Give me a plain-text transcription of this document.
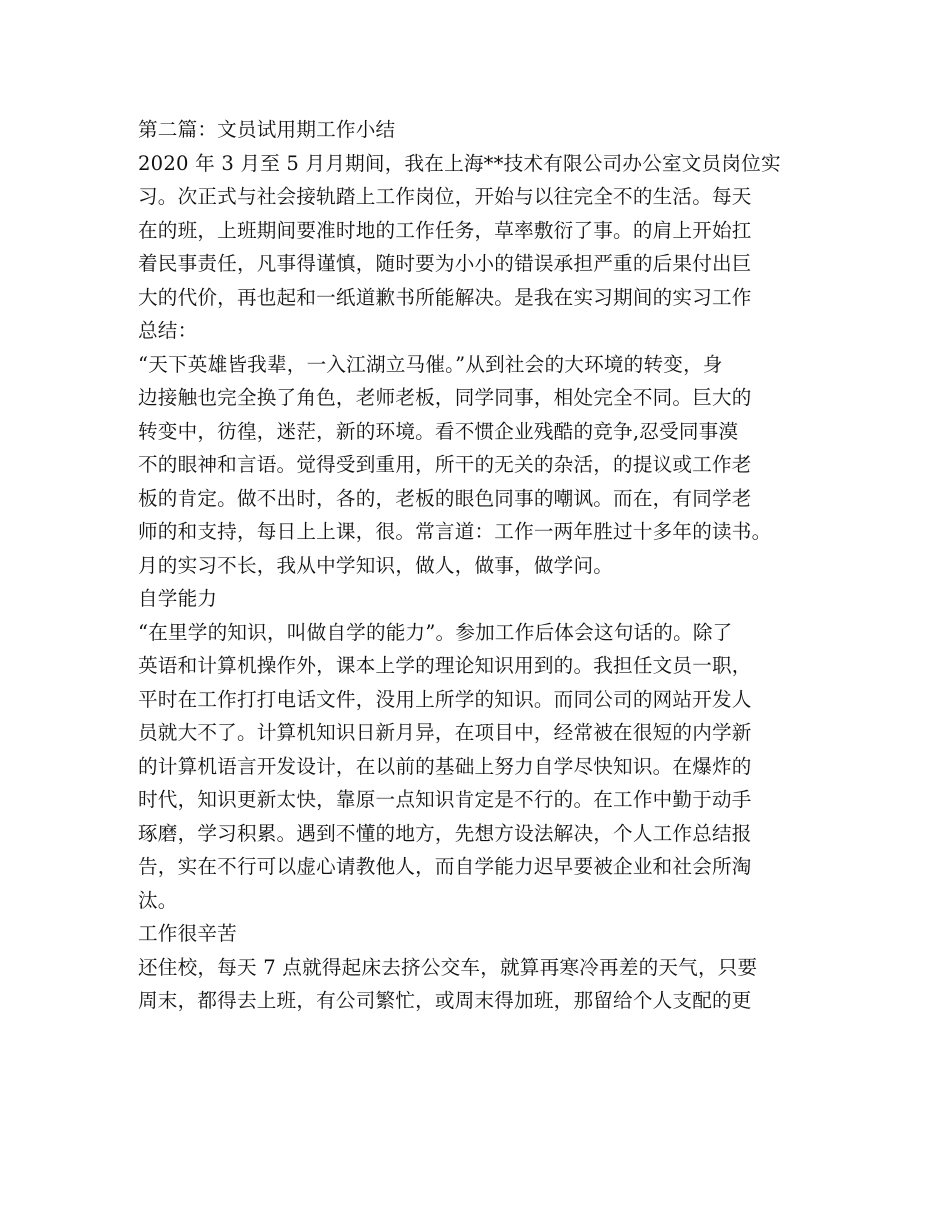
第二篇：文员试用期工作小结

2020 年 3 月至 5 月月期间，我在上海**技术有限公司办公室文员岗位实

习。次正式与社会接轨踏上工作岗位，开始与以往完全不的生活。每天

在的班，上班期间要准时地的工作任务，草率敷衍了事。的肩上开始扛

着民事责任，凡事得谨慎，随时要为小小的错误承担严重的后果付出巨

大的代价，再也起和一纸道歉书所能解决。是我在实习期间的实习工作

总结：

“天下英雄皆我辈，一入江湖立马催。”从到社会的大环境的转变，身

边接触也完全换了角色，老师老板，同学同事，相处完全不同。巨大的

转变中，彷徨，迷茫，新的环境。看不惯企业残酷的竞争,忍受同事漠

不的眼神和言语。觉得受到重用，所干的无关的杂活，的提议或工作老

板的肯定。做不出时，各的，老板的眼色同事的嘲讽。而在，有同学老

师的和支持，每日上上课，很。常言道：工作一两年胜过十多年的读书。

月的实习不长，我从中学知识，做人，做事，做学问。

自学能力

“在里学的知识，叫做自学的能力”。参加工作后体会这句话的。除了

英语和计算机操作外，课本上学的理论知识用到的。我担任文员一职，

平时在工作打打电话文件，没用上所学的知识。而同公司的网站开发人

员就大不了。计算机知识日新月异，在项目中，经常被在很短的内学新

的计算机语言开发设计，在以前的基础上努力自学尽快知识。在爆炸的

时代，知识更新太快，靠原一点知识肯定是不行的。在工作中勤于动手

琢磨，学习积累。遇到不懂的地方，先想方设法解决，个人工作总结报

告，实在不行可以虚心请教他人，而自学能力迟早要被企业和社会所淘

汰。

工作很辛苦

还住校，每天 7 点就得起床去挤公交车，就算再寒冷再差的天气，只要

周末，都得去上班，有公司繁忙，或周末得加班，那留给个人支配的更
